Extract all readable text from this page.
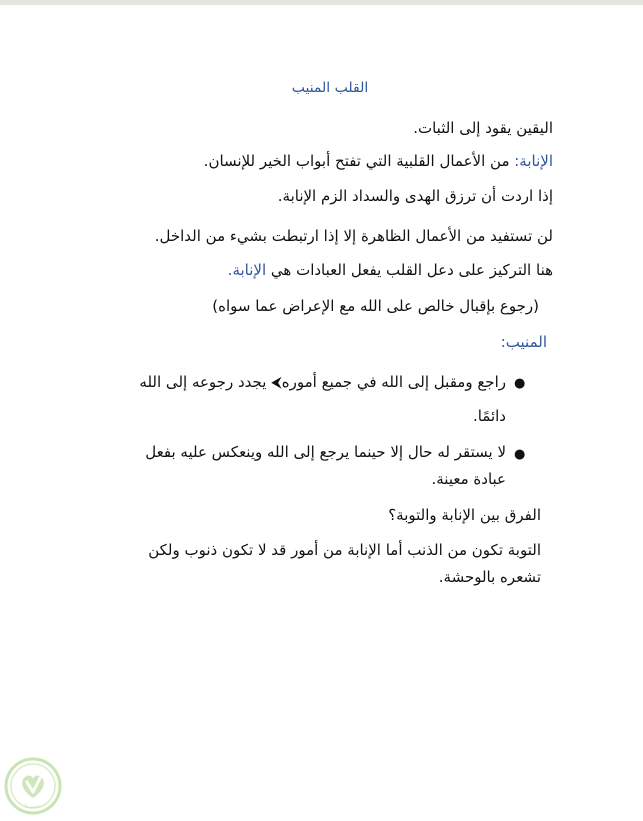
القلب المنيب
اليقين يقود إلى الثبات.
الإنابة: من الأعمال القلبية التي تفتح أبواب الخير للإنسان.
إذا اردت أن ترزق الهدى والسداد الزم الإنابة.
لن تستفيد من الأعمال الظاهرة إلا إذا ارتبطت بشيء من الداخل.
هنا التركيز على دعل القلب يفعل العبادات هي الإنابة.
(رجوع بإقبال خالص على الله مع الإعراض عما سواه)
المنيب:
●
راجع ومقبل إلى الله في جميع أموره⮜ يجدد رجوعه إلى الله
دائمًا.
●
لا يستقر له حال إلا حينما يرجع إلى الله وينعكس عليه بفعل
عبادة معينة.
الفرق بين الإنابة والتوبة؟
التوبة تكون من الذنب أما الإنابة من أمور قد لا تكون ذنوب ولكن
تشعره بالوحشة.
حسبـنا
